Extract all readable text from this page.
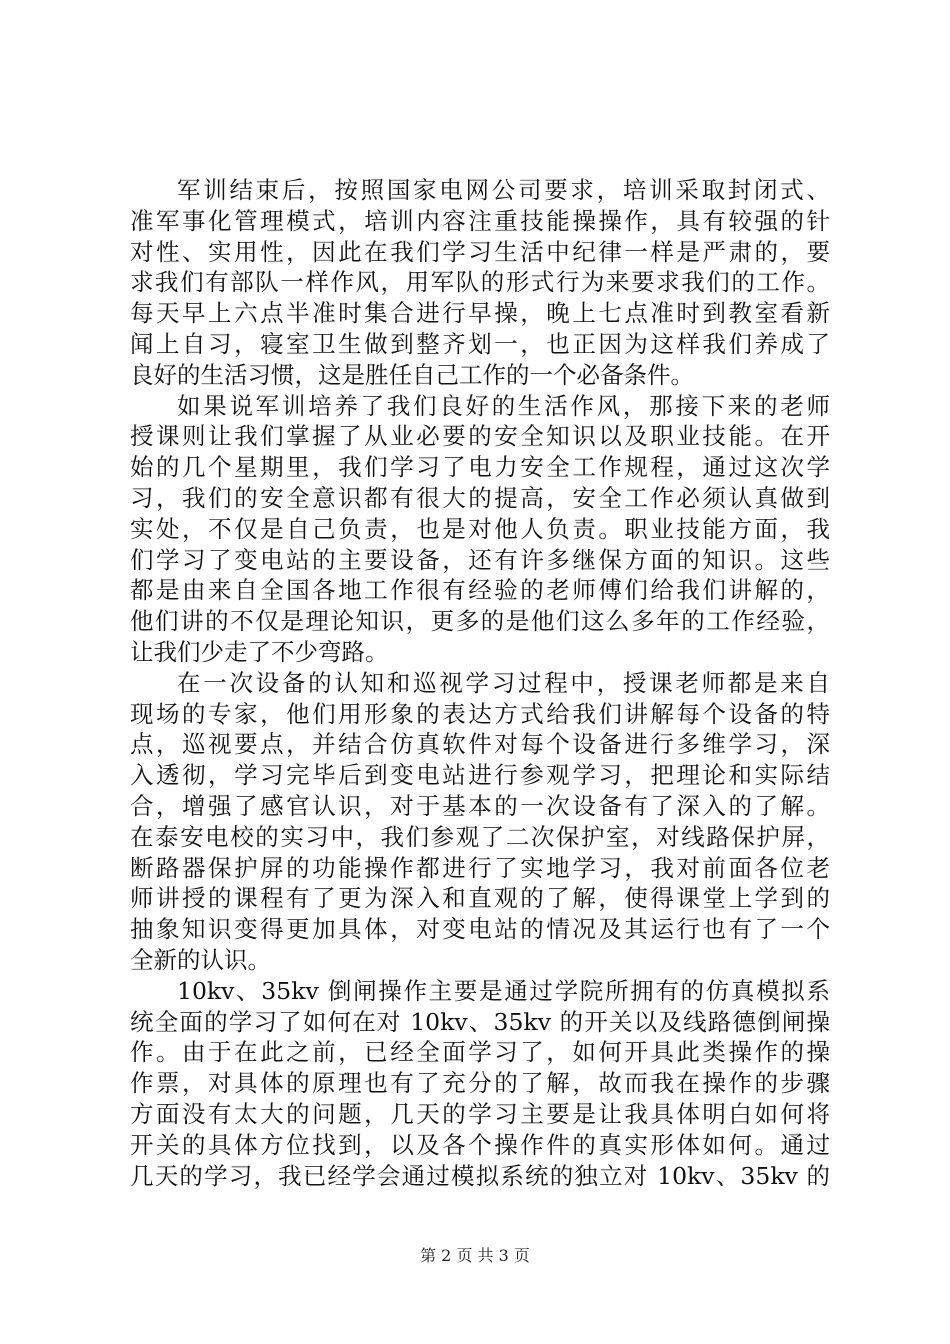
军训结束后，按照国家电网公司要求，培训采取封闭式、
准军事化管理模式，培训内容注重技能操操作，具有较强的针
对性、实用性，因此在我们学习生活中纪律一样是严肃的，要
求我们有部队一样作风，用军队的形式行为来要求我们的工作。
每天早上六点半准时集合进行早操，晚上七点准时到教室看新
闻上自习，寝室卫生做到整齐划一，也正因为这样我们养成了
良好的生活习惯，这是胜任自己工作的一个必备条件。
如果说军训培养了我们良好的生活作风，那接下来的老师
授课则让我们掌握了从业必要的安全知识以及职业技能。在开
始的几个星期里，我们学习了电力安全工作规程，通过这次学
习，我们的安全意识都有很大的提高，安全工作必须认真做到
实处，不仅是自己负责，也是对他人负责。职业技能方面，我
们学习了变电站的主要设备，还有许多继保方面的知识。这些
都是由来自全国各地工作很有经验的老师傅们给我们讲解的，
他们讲的不仅是理论知识，更多的是他们这么多年的工作经验，
让我们少走了不少弯路。
在一次设备的认知和巡视学习过程中，授课老师都是来自
现场的专家，他们用形象的表达方式给我们讲解每个设备的特
点，巡视要点，并结合仿真软件对每个设备进行多维学习，深
入透彻，学习完毕后到变电站进行参观学习，把理论和实际结
合，增强了感官认识，对于基本的一次设备有了深入的了解。
在泰安电校的实习中，我们参观了二次保护室，对线路保护屏，
断路器保护屏的功能操作都进行了实地学习，我对前面各位老
师讲授的课程有了更为深入和直观的了解，使得课堂上学到的
抽象知识变得更加具体，对变电站的情况及其运行也有了一个
全新的认识。
10kv、35kv 倒闸操作主要是通过学院所拥有的仿真模拟系
统全面的学习了如何在对 10kv、35kv 的开关以及线路德倒闸操
作。由于在此之前，已经全面学习了，如何开具此类操作的操
作票，对具体的原理也有了充分的了解，故而我在操作的步骤
方面没有太大的问题，几天的学习主要是让我具体明白如何将
开关的具体方位找到，以及各个操作件的真实形体如何。通过
几天的学习，我已经学会通过模拟系统的独立对 10kv、35kv 的
第 2 页 共 3 页
